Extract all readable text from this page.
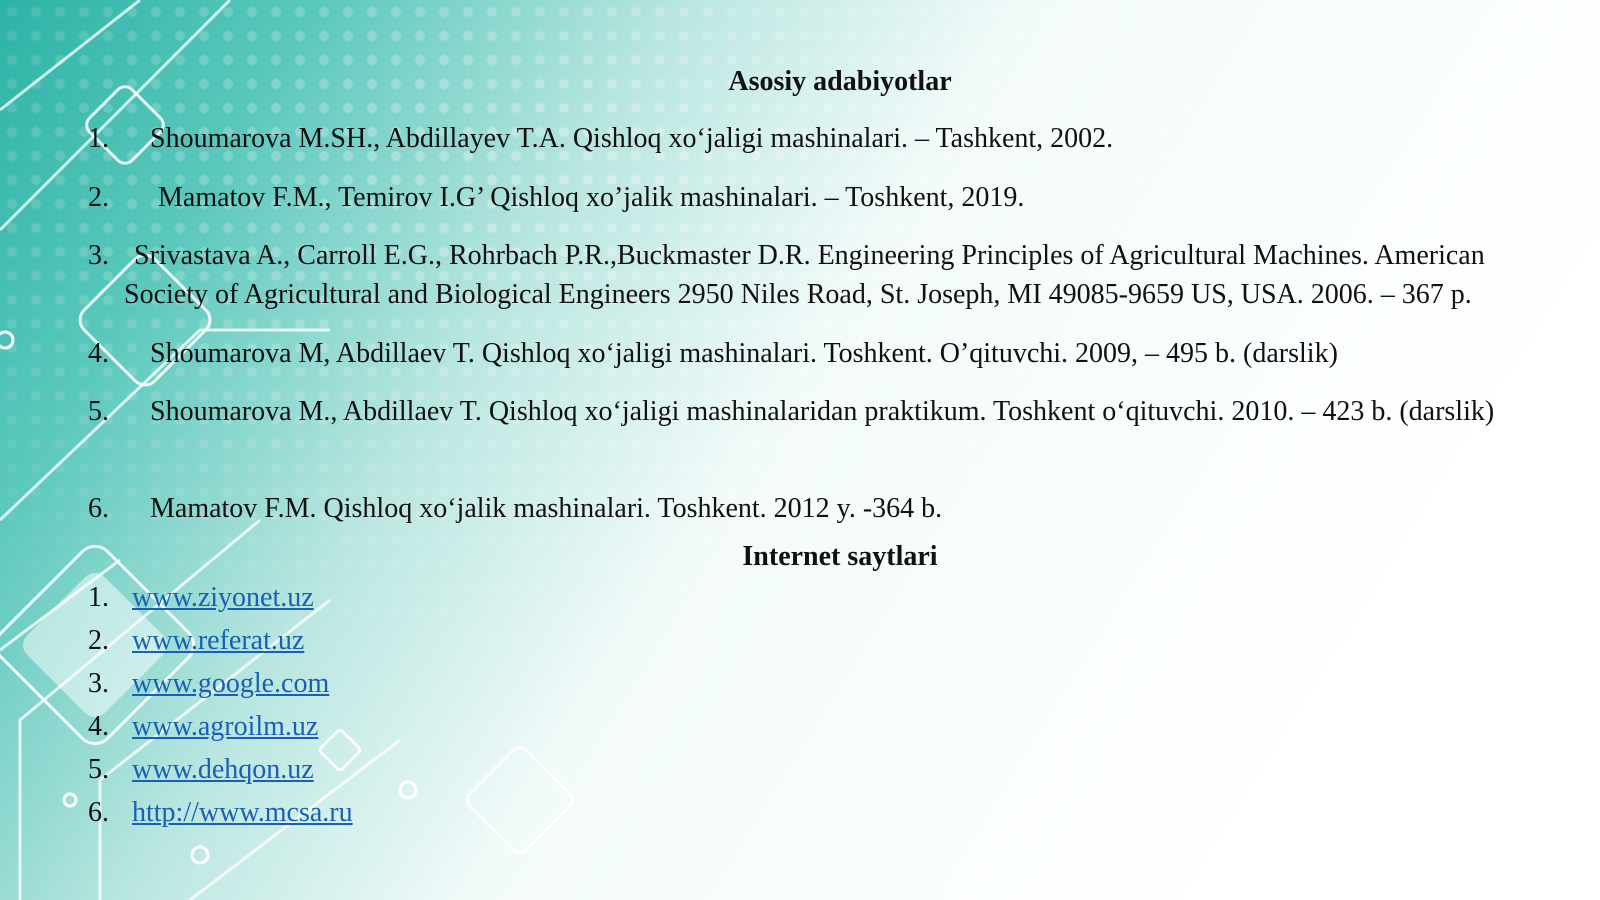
Asosiy adabiyotlar
1.	Shoumarova M.SH., Abdillayev T.A. Qishloq xo‘jaligi mashinalari. – Tashkent, 2002.
2.	Mamatov F.M., Temirov I.G’ Qishloq xo’jalik mashinalari. – Toshkent, 2019.
3. Srivastava A., Carroll E.G., Rohrbach P.R.,Buckmaster D.R. Engineering Principles of Agricultural Machines. American
Society of Agricultural and Biological Engineers 2950 Niles Road, St. Joseph, MI 49085-9659 US, USA. 2006. – 367 p.
4.	Shoumarova M, Abdillaev T. Qishloq xo‘jaligi mashinalari. Toshkent. O’qituvchi. 2009, – 495 b. (darslik)
5.	Shoumarova M., Abdillaev T. Qishloq xo‘jaligi mashinalaridan praktikum. Toshkent o‘qituvchi. 2010. – 423 b. (darslik)
6.	Mamatov F.M. Qishloq xo‘jalik mashinalari. Toshkent. 2012 y. -364 b.
Internet saytlari
1. www.ziyonet.uz
2. www.referat.uz
3. www.google.com
4. www.agroilm.uz
5. www.dehqon.uz
6. http://www.mcsa.ru
